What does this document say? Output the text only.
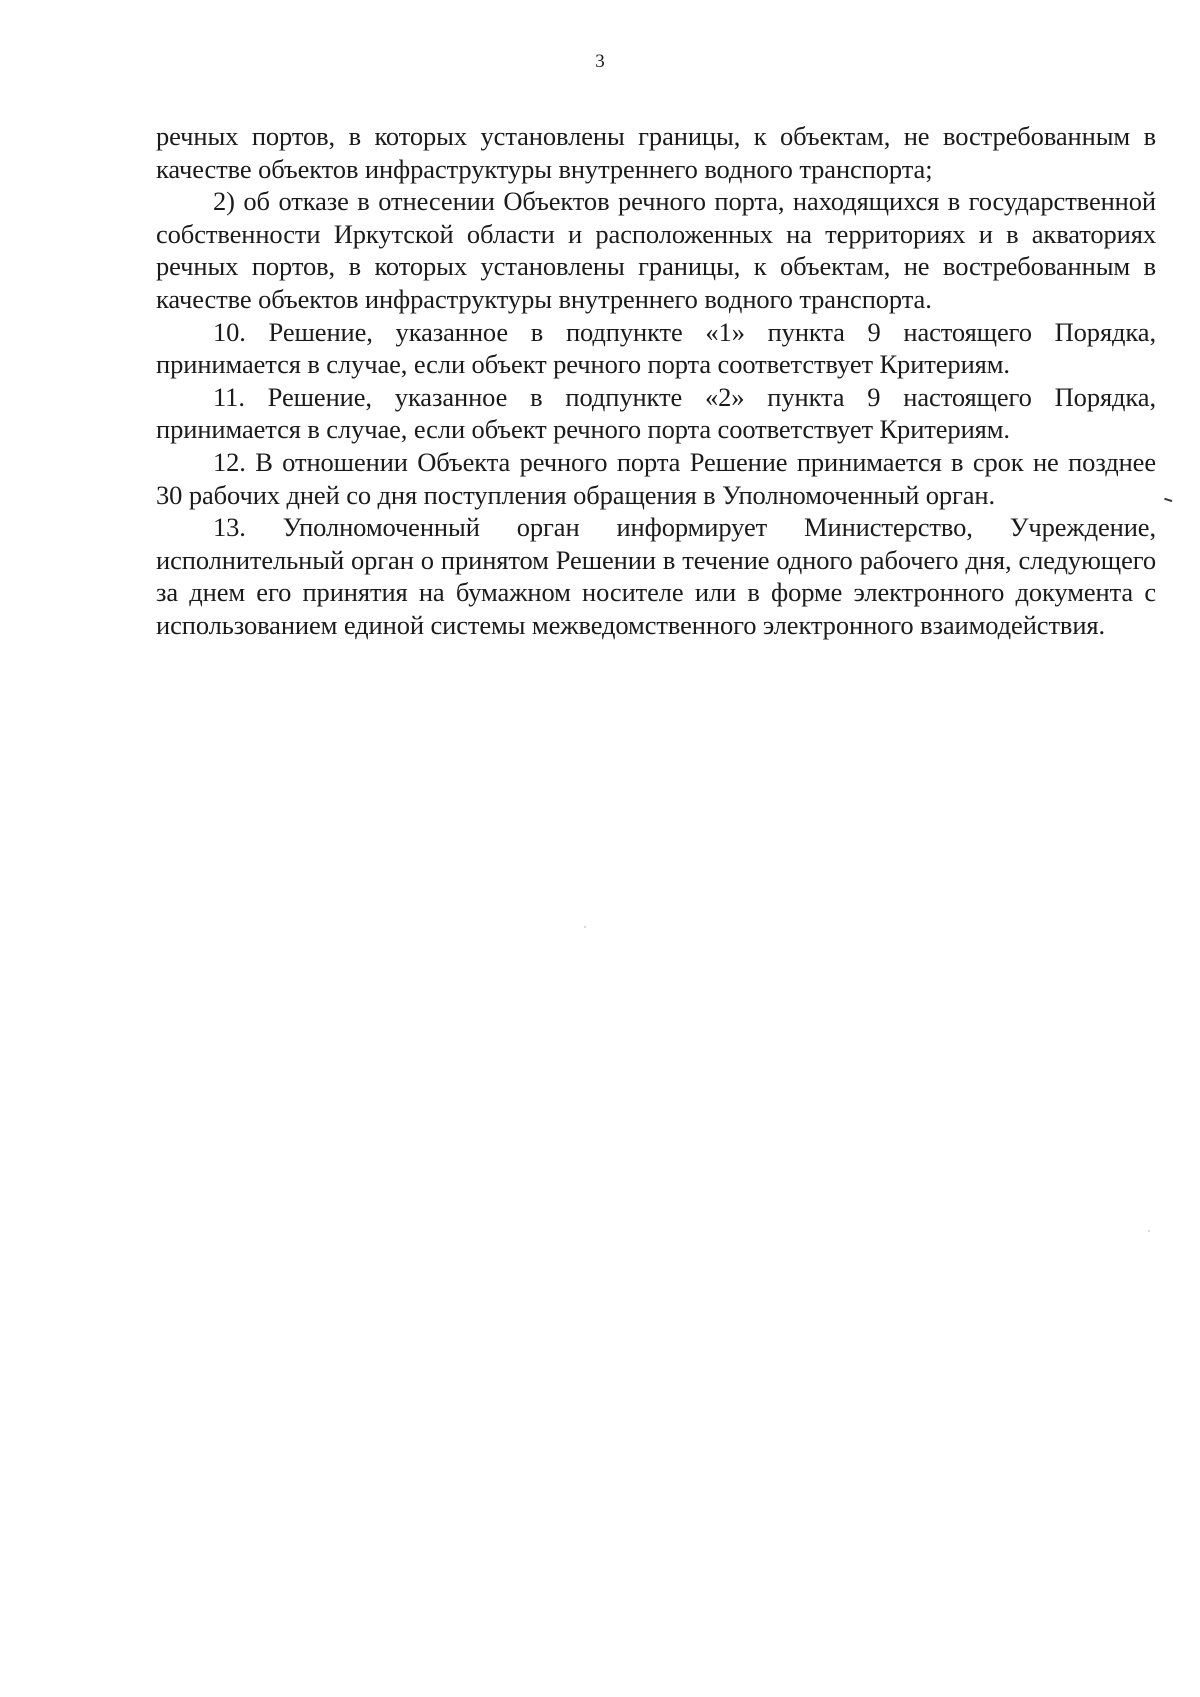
3

речных портов, в которых установлены границы, к объектам, не востребованным в качестве объектов инфраструктуры внутреннего водного транспорта;

2) об отказе в отнесении Объектов речного порта, находящихся в государственной собственности Иркутской области и расположенных на территориях и в акваториях речных портов, в которых установлены границы, к объектам, не востребованным в качестве объектов инфраструктуры внутреннего водного транспорта.

10. Решение, указанное в подпункте «1» пункта 9 настоящего Порядка, принимается в случае, если объект речного порта соответствует Критериям.

11. Решение, указанное в подпункте «2» пункта 9 настоящего Порядка, принимается в случае, если объект речного порта соответствует Критериям.

12. В отношении Объекта речного порта Решение принимается в срок не позднее 30 рабочих дней со дня поступления обращения в Уполномоченный орган.

13. Уполномоченный орган информирует Министерство, Учреждение, исполнительный орган о принятом Решении в течение одного рабочего дня, следующего за днем его принятия на бумажном носителе или в форме электронного документа с использованием единой системы межведомственного электронного взаимодействия.
